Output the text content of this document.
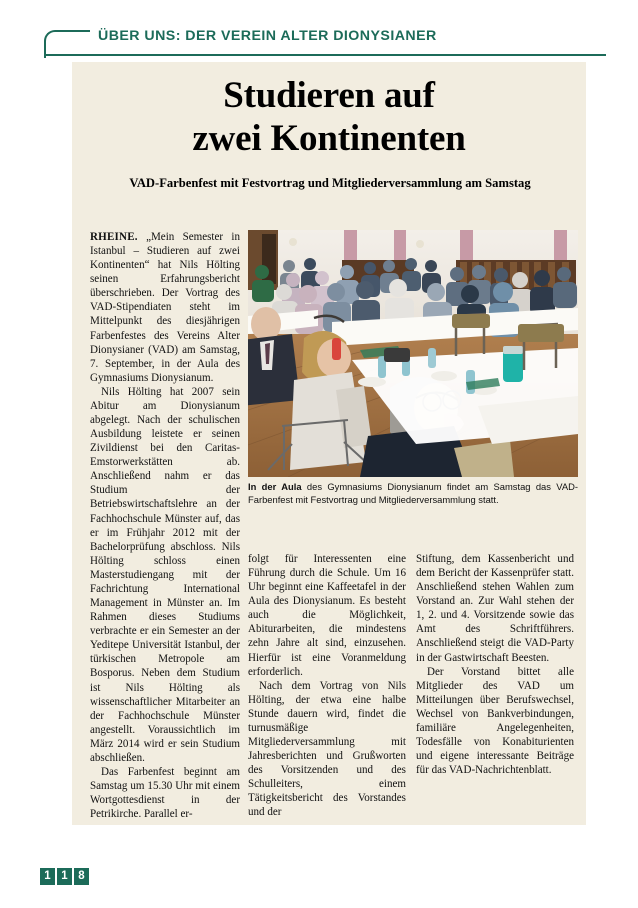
ÜBER UNS: DER VEREIN ALTER DIONYSIANER
Studieren auf
zwei Kontinenten
VAD-Farbenfest mit Festvortrag und Mitgliederversammlung am Samstag
In der Aula des Gymnasiums Dionysianum findet am Samstag das VAD-Farbenfest mit Festvortrag und Mitgliederversammlung statt.

RHEINE. „Mein Semester in Istanbul – Studieren auf zwei Kontinenten“ hat Nils Hölting seinen Erfahrungsbericht überschrieben. Der Vortrag des VAD-Stipendiaten steht im Mittelpunkt des diesjährigen Farbenfestes des Vereins Alter Dionysianer (VAD) am Samstag, 7. September, in der Aula des Gymnasiums Dionysianum.

Nils Hölting hat 2007 sein Abitur am Dionysianum abgelegt. Nach der schulischen Ausbildung leistete er seinen Zivildienst bei den Caritas-Emstorwerkstätten ab. Anschließend nahm er das Studium der Betriebswirtschaftslehre an der Fachhochschule Münster auf, das er im Frühjahr 2012 mit der Bachelorprüfung abschloss. Nils Hölting schloss einen Masterstudiengang mit der Fachrichtung International Management in Münster an. Im Rahmen dieses Studiums verbrachte er ein Semester an der Yeditepe Universität Istanbul, der türkischen Metropole am Bosporus. Neben dem Studium ist Nils Hölting als wissenschaftlicher Mitarbeiter an der Fachhochschule Münster angestellt. Voraussichtlich im März 2014 wird er sein Studium abschließen.

Das Farbenfest beginnt am Samstag um 15.30 Uhr mit einem Wortgottesdienst in der Petrikirche. Parallel er-

folgt für Interessenten eine Führung durch die Schule. Um 16 Uhr beginnt eine Kaffeetafel in der Aula des Dionysianum. Es besteht auch die Möglichkeit, Abiturarbeiten, die mindestens zehn Jahre alt sind, einzusehen. Hierfür ist eine Voranmeldung erforderlich.

Nach dem Vortrag von Nils Hölting, der etwa eine halbe Stunde dauern wird, findet die turnusmäßige Mitgliederversammlung mit Jahresberichten und Grußworten des Vorsitzenden und des Schulleiters, einem Tätigkeitsbericht des Vorstandes und der

Stiftung, dem Kassenbericht und dem Bericht der Kassenprüfer statt. Anschließend stehen Wahlen zum Vorstand an. Zur Wahl stehen der 1, 2. und 4. Vorsitzende sowie das Amt des Schriftführers. Anschließend steigt die VAD-Party in der Gastwirtschaft Beesten.

Der Vorstand bittet alle Mitglieder des VAD um Mitteilungen über Berufswechsel, Wechsel von Bankverbindungen, familiäre Angelegenheiten, Todesfälle von Konabiturienten und eigene interessante Beiträge für das VAD-Nachrichtenblatt.

1 1 8
